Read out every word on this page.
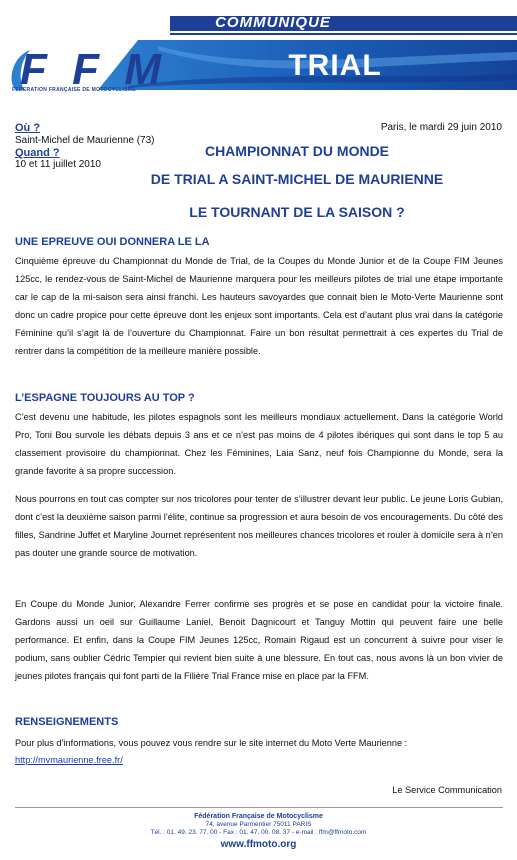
COMMUNIQUE
TRIAL
FFM
FEDERATION FRANÇAISE DE MOTOCYCLISME
Où ?
Saint-Michel de Maurienne (73)
Quand ?
10 et 11 juillet 2010
Paris, le mardi 29 juin 2010
CHAMPIONNAT DU MONDE
DE TRIAL A SAINT-MICHEL DE MAURIENNE
LE TOURNANT DE LA SAISON ?
UNE EPREUVE OUI DONNERA LE LA
Cinquième épreuve du Championnat du Monde de Trial, de la Coupes du Monde Junior et de la Coupe FIM Jeunes 125cc, le rendez-vous de Saint-Michel de Maurienne marquera pour les meilleurs pilotes de trial une étape importante car le cap de la mi-saison sera ainsi franchi. Les hauteurs savoyardes que connait bien le Moto-Verte Maurienne sont donc un cadre propice pour cette épreuve dont les enjeux sont importants. Cela est d’autant plus vrai dans la catégorie Féminine qu’il s’agit là de l’ouverture du Championnat. Faire un bon résultat permettrait à ces expertes du Trial de rentrer dans la compétition de la meilleure manière possible.
L’ESPAGNE TOUJOURS AU TOP ?
C’est devenu une habitude, les pilotes espagnols sont les meilleurs mondiaux actuellement. Dans la catégorie World Pro, Toni Bou survole les débats depuis 3 ans et ce n’est pas moins de 4 pilotes ibériques qui sont dans le top 5 au classement provisoire du championnat. Chez les Féminines, Laia Sanz, neuf fois Championne du Monde, sera la grande favorite à sa propre succession.
Nous pourrons en tout cas compter sur nos tricolores pour tenter de s’illustrer devant leur public. Le jeune Loris Gubian, dont c’est la deuxième saison parmi l’élite, continue sa progression et aura besoin de vos encouragements. Du côté des filles, Sandrine Juffet et Maryline Journet représentent nos meilleures chances tricolores et rouler à domicile sera à n’en pas douter une grande source de motivation.
En Coupe du Monde Junior, Alexandre Ferrer confirme ses progrès et se pose en candidat pour la victoire finale. Gardons aussi un oeil sur Guillaume Laniel, Benoit Dagnicourt et Tanguy Mottin qui peuvent faire une belle performance. Et enfin, dans la Coupe FIM Jeunes 125cc, Romain Rigaud est un concurrent à suivre pour viser le podium, sans oublier Cédric Tempier qui revient bien suite à une blessure. En tout cas, nous avons là un bon vivier de jeunes pilotes français qui font parti de la Filière Trial France mise en place par la FFM.
RENSEIGNEMENTS
Pour plus d’informations, vous pouvez vous rendre sur le site internet du Moto Verte Maurienne :
http://mvmaurienne.free.fr/
Le Service Communication
Fédération Française de Motocyclisme
74, avenue Parmentier 75011 PARIS
Tél. : 01. 49. 23. 77. 00 - Fax : 01. 47. 00. 08. 37 - e-mail : ffm@ffmoto.com
www.ffmoto.org
